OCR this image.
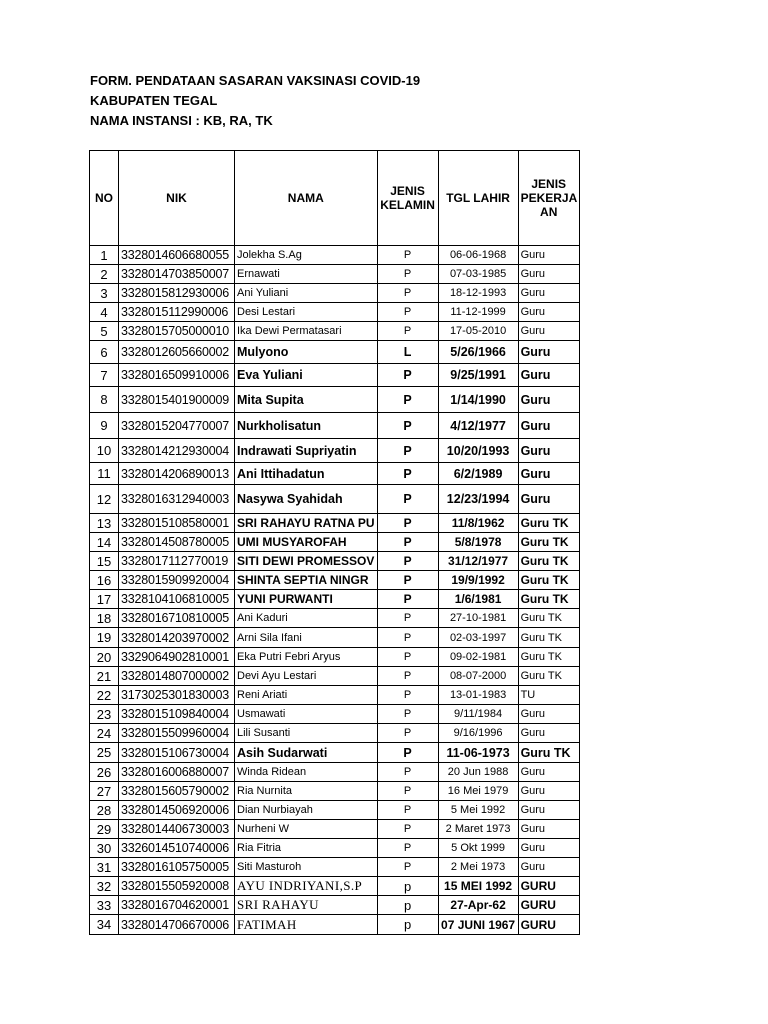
FORM. PENDATAAN SASARAN VAKSINASI COVID-19
KABUPATEN TEGAL
NAMA INSTANSI : KB, RA, TK
NO	NIK	NAMA	JENIS KELAMIN	TGL LAHIR	JENIS PEKERJA AN
1	3328014606680055	Jolekha S.Ag	P	06-06-1968	Guru
2	3328014703850007	Ernawati	P	07-03-1985	Guru
3	3328015812930006	Ani Yuliani	P	18-12-1993	Guru
4	3328015112990006	Desi Lestari	P	11-12-1999	Guru
5	3328015705000010	Ika Dewi Permatasari	P	17-05-2010	Guru
6	3328012605660002	Mulyono	L	5/26/1966	Guru
7	3328016509910006	Eva Yuliani	P	9/25/1991	Guru
8	3328015401900009	Mita Supita	P	1/14/1990	Guru
9	3328015204770007	Nurkholisatun	P	4/12/1977	Guru
10	3328014212930004	Indrawati Supriyatin	P	10/20/1993	Guru
11	3328014206890013	Ani Ittihadatun	P	6/2/1989	Guru
12	3328016312940003	Nasywa Syahidah	P	12/23/1994	Guru
13	3328015108580001	SRI RAHAYU RATNA PU	P	11/8/1962	Guru TK
14	3328014508780005	UMI MUSYAROFAH	P	5/8/1978	Guru TK
15	3328017112770019	SITI DEWI PROMESSOV	P	31/12/1977	Guru TK
16	3328015909920004	SHINTA SEPTIA NINGR	P	19/9/1992	Guru TK
17	3328104106810005	YUNI PURWANTI	P	1/6/1981	Guru TK
18	3328016710810005	Ani Kaduri	P	27-10-1981	Guru TK
19	3328014203970002	Arni Sila Ifani	P	02-03-1997	Guru TK
20	3329064902810001	Eka Putri Febri Aryus	P	09-02-1981	Guru TK
21	3328014807000002	Devi Ayu Lestari	P	08-07-2000	Guru TK
22	3173025301830003	Reni Ariati	P	13-01-1983	TU
23	3328015109840004	Usmawati	P	9/11/1984	Guru
24	3328015509960004	Lili Susanti	P	9/16/1996	Guru
25	3328015106730004	Asih Sudarwati	P	11-06-1973	Guru TK
26	3328016006880007	Winda Ridean	P	20 Jun 1988	Guru
27	3328015605790002	Ria Nurnita	P	16 Mei 1979	Guru
28	3328014506920006	Dian Nurbiayah	P	5 Mei 1992	Guru
29	3328014406730003	Nurheni W	P	2 Maret 1973	Guru
30	3326014510740006	Ria Fitria	P	5 Okt 1999	Guru
31	3328016105750005	Siti Masturoh	P	2 Mei 1973	Guru
32	3328015505920008	AYU INDRIYANI,S.P	p	15 MEI 1992	GURU
33	3328016704620001	SRI RAHAYU	p	27-Apr-62	GURU
34	3328014706670006	FATIMAH	p	07 JUNI 1967	GURU
